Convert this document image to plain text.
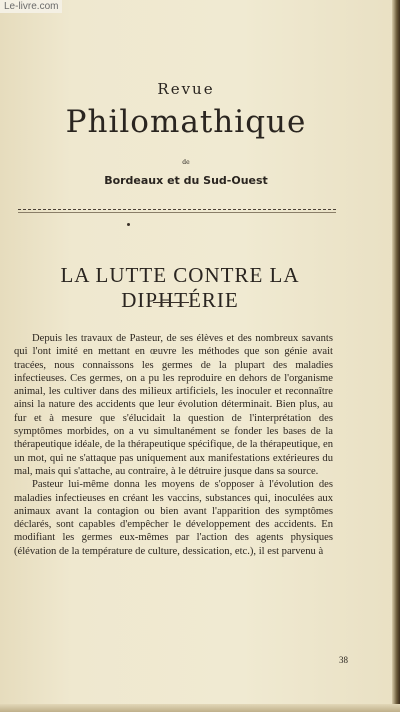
Le-livre.com
Revue
Philomathique
de
Bordeaux et du Sud-Ouest
LA LUTTE CONTRE LA DIPHTÉRIE

Depuis les travaux de Pasteur, de ses élèves et des nombreux savants qui l'ont imité en mettant en œuvre les méthodes que son génie avait tracées, nous connaissons les germes de la plupart des maladies infectieuses. Ces germes, on a pu les reproduire en dehors de l'organisme animal, les cultiver dans des milieux artificiels, les inoculer et reconnaître ainsi la nature des accidents que leur évolution déterminait. Bien plus, au fur et à mesure que s'élucidait la question de l'interprétation des symptômes morbides, on a vu simultanément se fonder les bases de la thérapeutique idéale, de la thérapeutique spécifique, de la thérapeutique, en un mot, qui ne s'attaque pas uniquement aux manifestations extérieures du mal, mais qui s'attache, au contraire, à le détruire jusque dans sa source.

Pasteur lui-même donna les moyens de s'opposer à l'évolution des maladies infectieuses en créant les vaccins, substances qui, inoculées aux animaux avant la contagion ou bien avant l'apparition des symptômes déclarés, sont capables d'empêcher le développement des accidents. En modifiant les germes eux-mêmes par l'action des agents physiques (élévation de la température de culture, dessication, etc.), il est parvenu à

38
